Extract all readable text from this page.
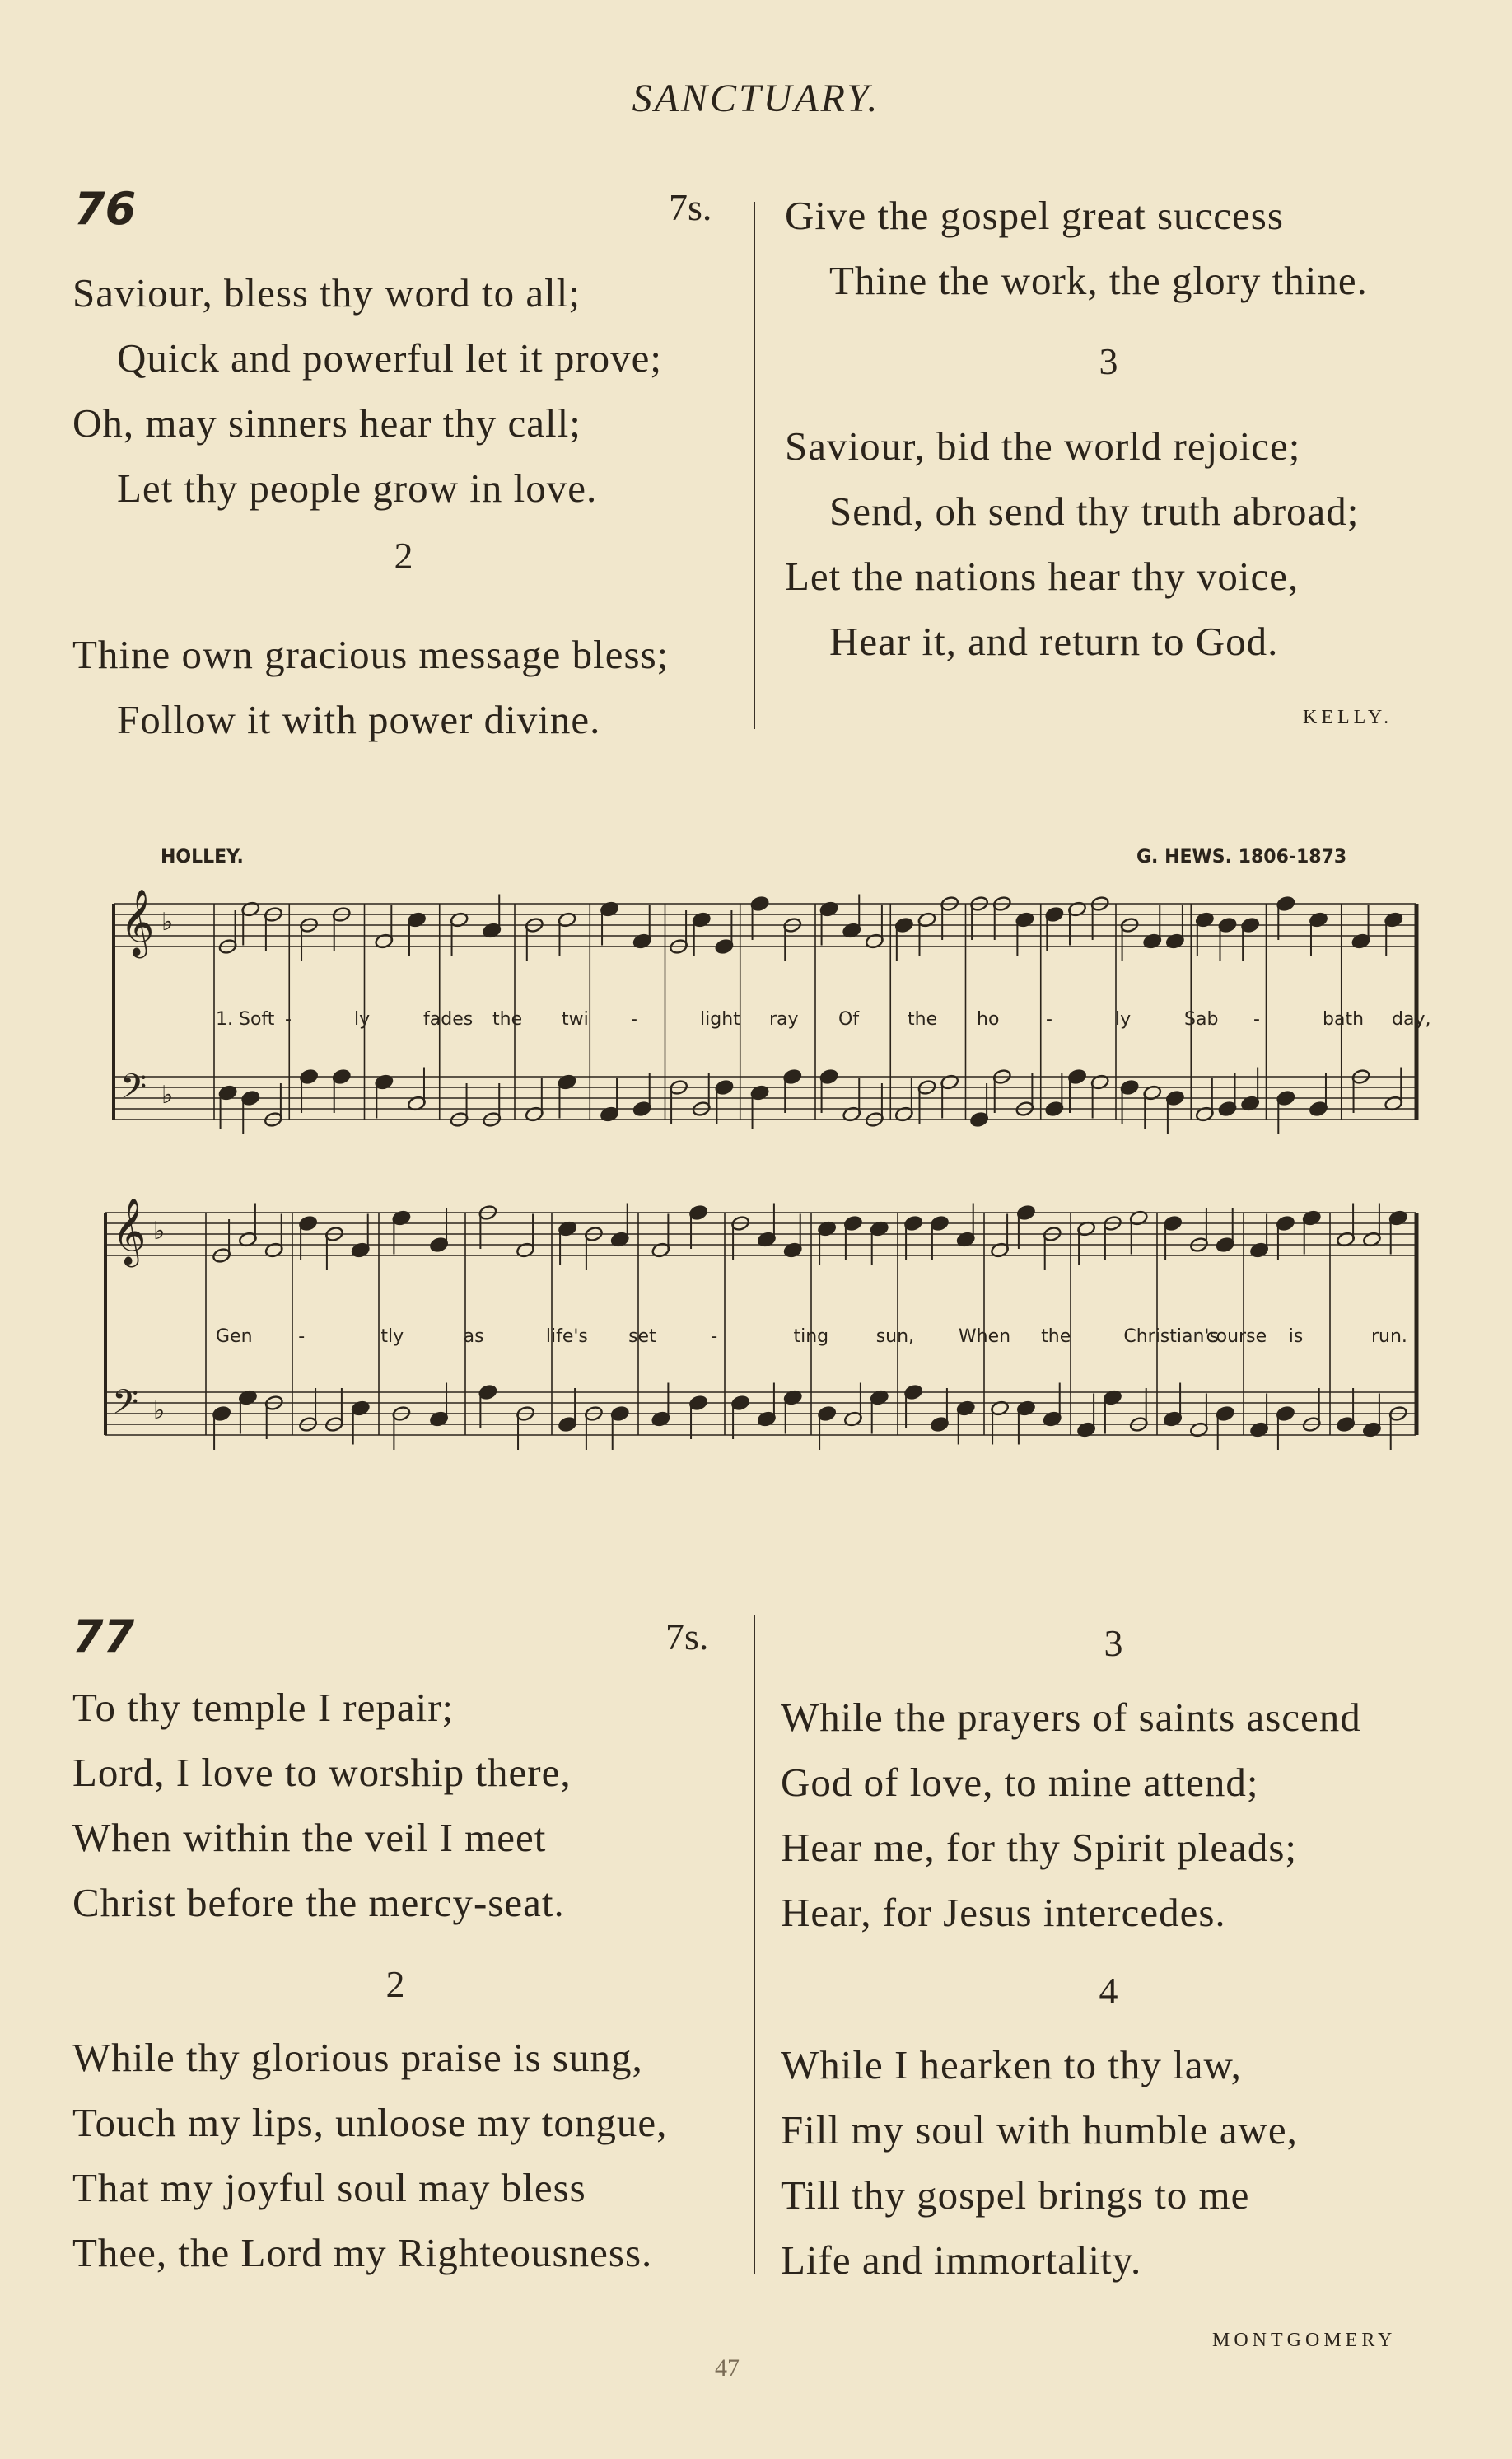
SANCTUARY.
76	7s.
Saviour, bless thy word to all;
Quick and powerful let it prove;
Oh, may sinners hear thy call;
Let thy people grow in love.
2
Thine own gracious message bless;
Follow it with power divine.
Give the gospel great success
Thine the work, the glory thine.
3
Saviour, bid the world rejoice;
Send, oh send thy truth abroad;
Let the nations hear thy voice,
Hear it, and return to God.
KELLY.
HOLLEY.	G. HEWS. 1806-1873
𝄞 ♭
𝄢 ♭
1. Soft -	ly	fades the twi -	light ray Of	the ho	-	ly	Sab -	bath day,
𝄞 ♭
𝄢 ♭
Gen	-	tly	as	life's set	-	ting	sun, When the	Christian's
course is	run.
77	7s.
To thy temple I repair;
Lord, I love to worship there,
When within the veil I meet
Christ before the mercy-seat.
2
While thy glorious praise is sung,
Touch my lips, unloose my tongue,
That my joyful soul may bless
Thee, the Lord my Righteousness.
3
While the prayers of saints ascend
God of love, to mine attend;
Hear me, for thy Spirit pleads;
Hear, for Jesus intercedes.
4
While I hearken to thy law,
Fill my soul with humble awe,
Till thy gospel brings to me
Life and immortality.
MONTGOMERY
47
